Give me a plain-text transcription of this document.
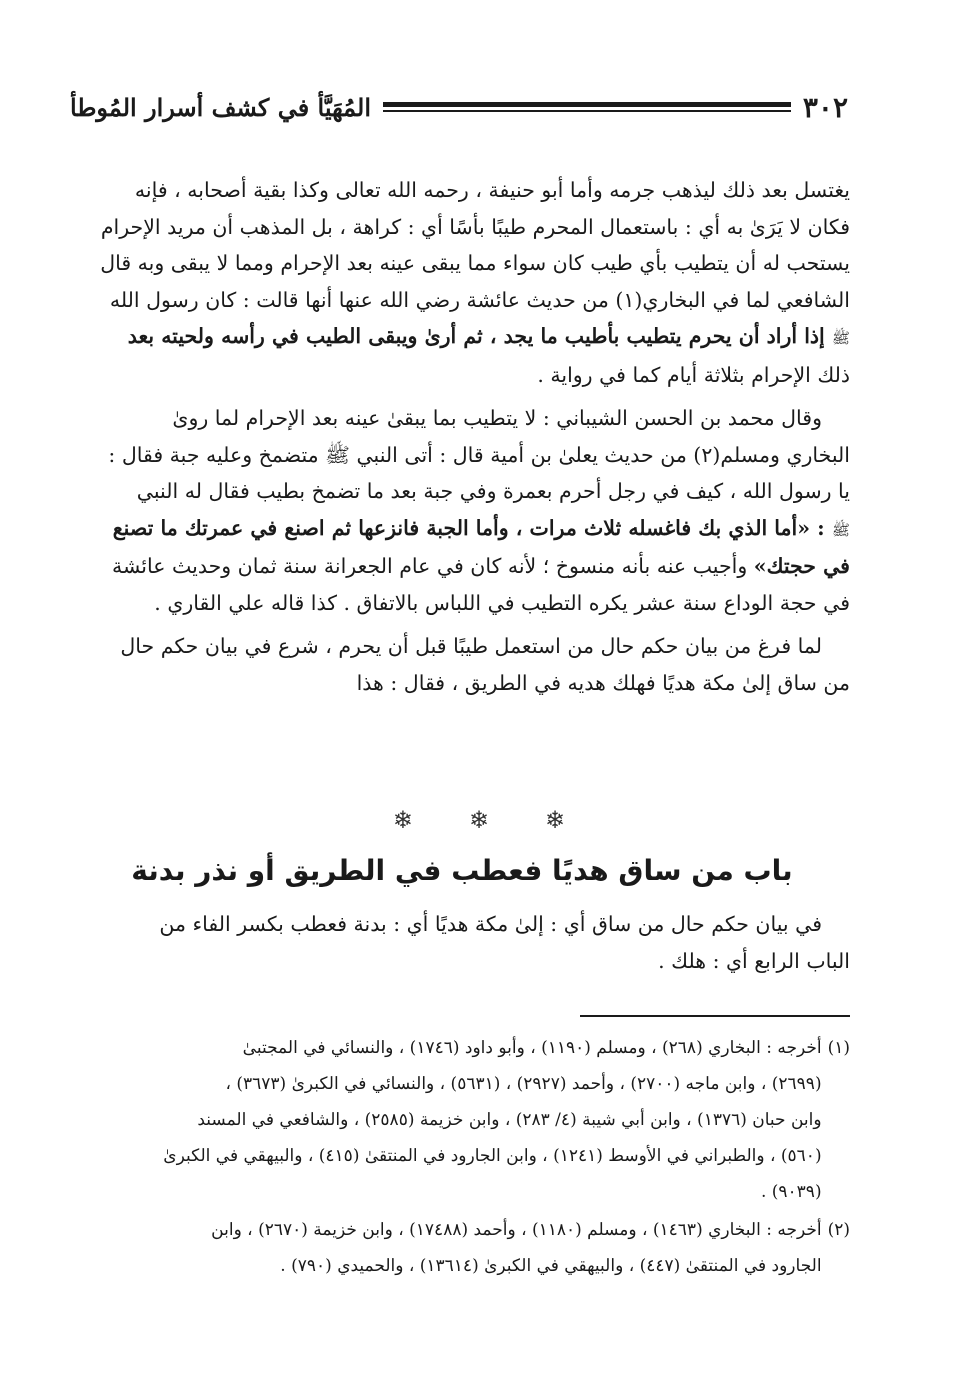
٣٠٢
المُهَيَّأ في كشف أسرار المُوطأ

يغتسل بعد ذلك ليذهب جرمه وأما أبو حنيفة ، رحمه الله تعالى وكذا بقية أصحابه ، فإنه
فكان لا يَرَىٰ به أي : باستعمال المحرم طيبًا بأسًا أي : كراهة ، بل المذهب أن مريد الإحرام
يستحب له أن يتطيب بأي طيب كان سواء مما يبقى عينه بعد الإحرام ومما لا يبقى وبه قال
الشافعي لما في البخاري(١) من حديث عائشة رضي الله عنها أنها قالت : كان رسول الله
ﷺ إذا أراد أن يحرم يتطيب بأطيب ما يجد ، ثم أرىٰ ويبقى الطيب في رأسه ولحيته بعد
ذلك الإحرام بثلاثة أيام كما في رواية .

وقال محمد بن الحسن الشيباني : لا يتطيب بما يبقىٰ عينه بعد الإحرام لما روىٰ
البخاري ومسلم(٢) من حديث يعلىٰ بن أمية قال : أتى النبي ﷺ متضمخ وعليه جبة فقال :
يا رسول الله ، كيف في رجل أحرم بعمرة وفي جبة بعد ما تضمخ بطيب فقال له النبي
ﷺ : «أما الذي بك فاغسله ثلاث مرات ، وأما الجبة فانزعها ثم اصنع في عمرتك ما تصنع
في حجتك» وأجيب عنه بأنه منسوخ ؛ لأنه كان في عام الجعرانة سنة ثمان وحديث عائشة
في حجة الوداع سنة عشر يكره التطيب في اللباس بالاتفاق . كذا قاله علي القاري .

لما فرغ من بيان حكم حال من استعمل طيبًا قبل أن يحرم ، شرع في بيان حكم حال
من ساق إلىٰ مكة هديًا فهلك هديه في الطريق ، فقال : هذا

❄ ❄ ❄
باب من ساق هديًا فعطب في الطريق أو نذر بدنة

في بيان حكم حال من ساق أي : إلىٰ مكة هديًا أي : بدنة فعطب بكسر الفاء من
الباب الرابع أي : هلك .

(١)
أخرجه : البخاري (٢٦٨) ، ومسلم (١١٩٠) ، وأبو داود (١٧٤٦) ، والنسائي في المجتبىٰ
(٢٦٩٩) ، وابن ماجه (٢٧٠٠) ، وأحمد (٢٩٢٧) ، (٥٦٣١) ، والنسائي في الكبرىٰ (٣٦٧٣) ،
وابن حبان (١٣٧٦) ، وابن أبي شيبة (٤/ ٢٨٣) ، وابن خزيمة (٢٥٨٥) ، والشافعي في المسند
(٥٦٠) ، والطبراني في الأوسط (١٢٤١) ، وابن الجارود في المنتقىٰ (٤١٥) ، والبيهقي في الكبرىٰ
(٩٠٣٩) .
(٢)
أخرجه : البخاري (١٤٦٣) ، ومسلم (١١٨٠) ، وأحمد (١٧٤٨٨) ، وابن خزيمة (٢٦٧٠) ، وابن
الجارود في المنتقىٰ (٤٤٧) ، والبيهقي في الكبرىٰ (١٣٦١٤) ، والحميدي (٧٩٠) .
